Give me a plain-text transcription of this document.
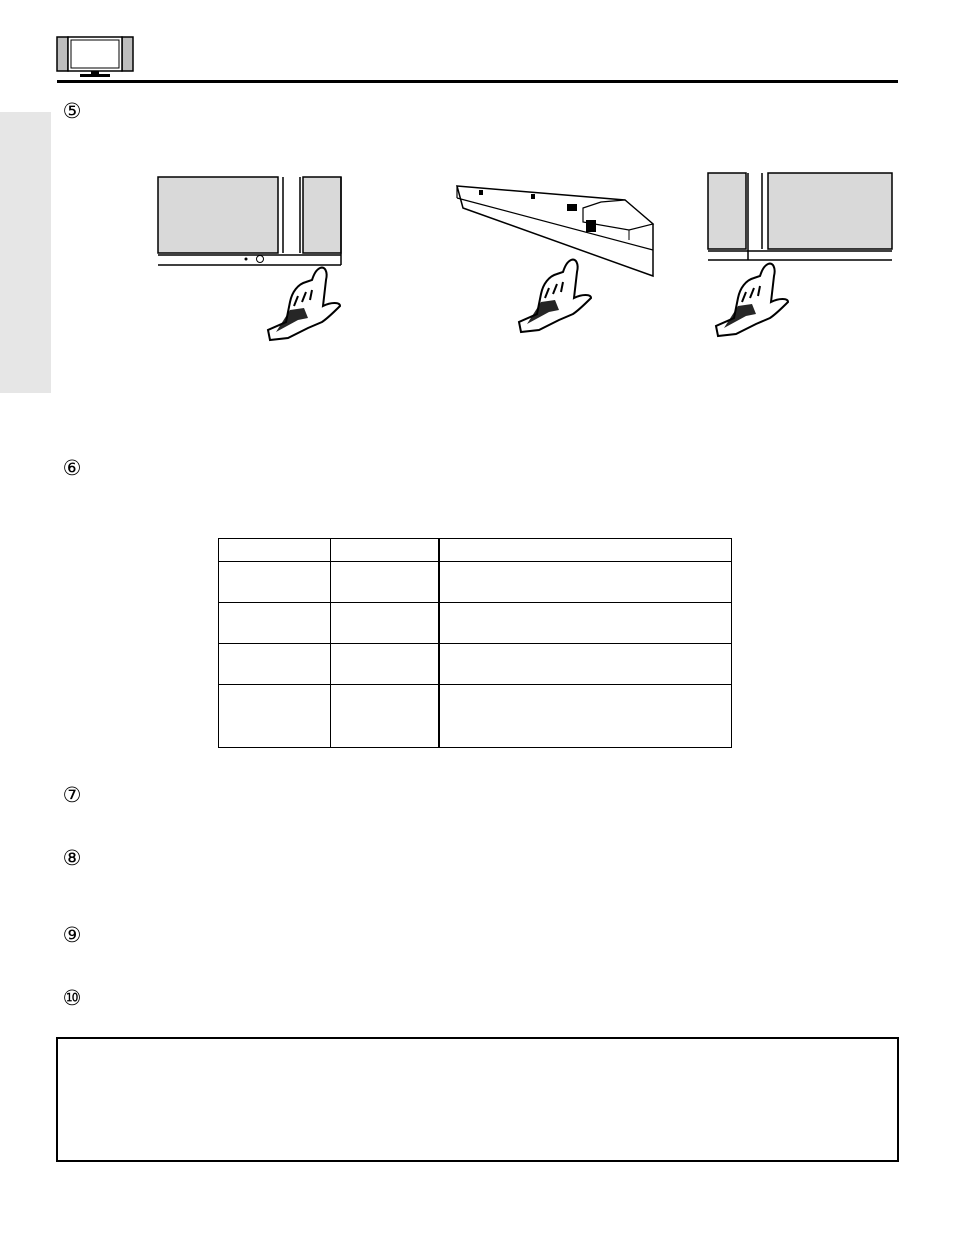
⑤
⑥

⑦
⑧
⑨
⑩
